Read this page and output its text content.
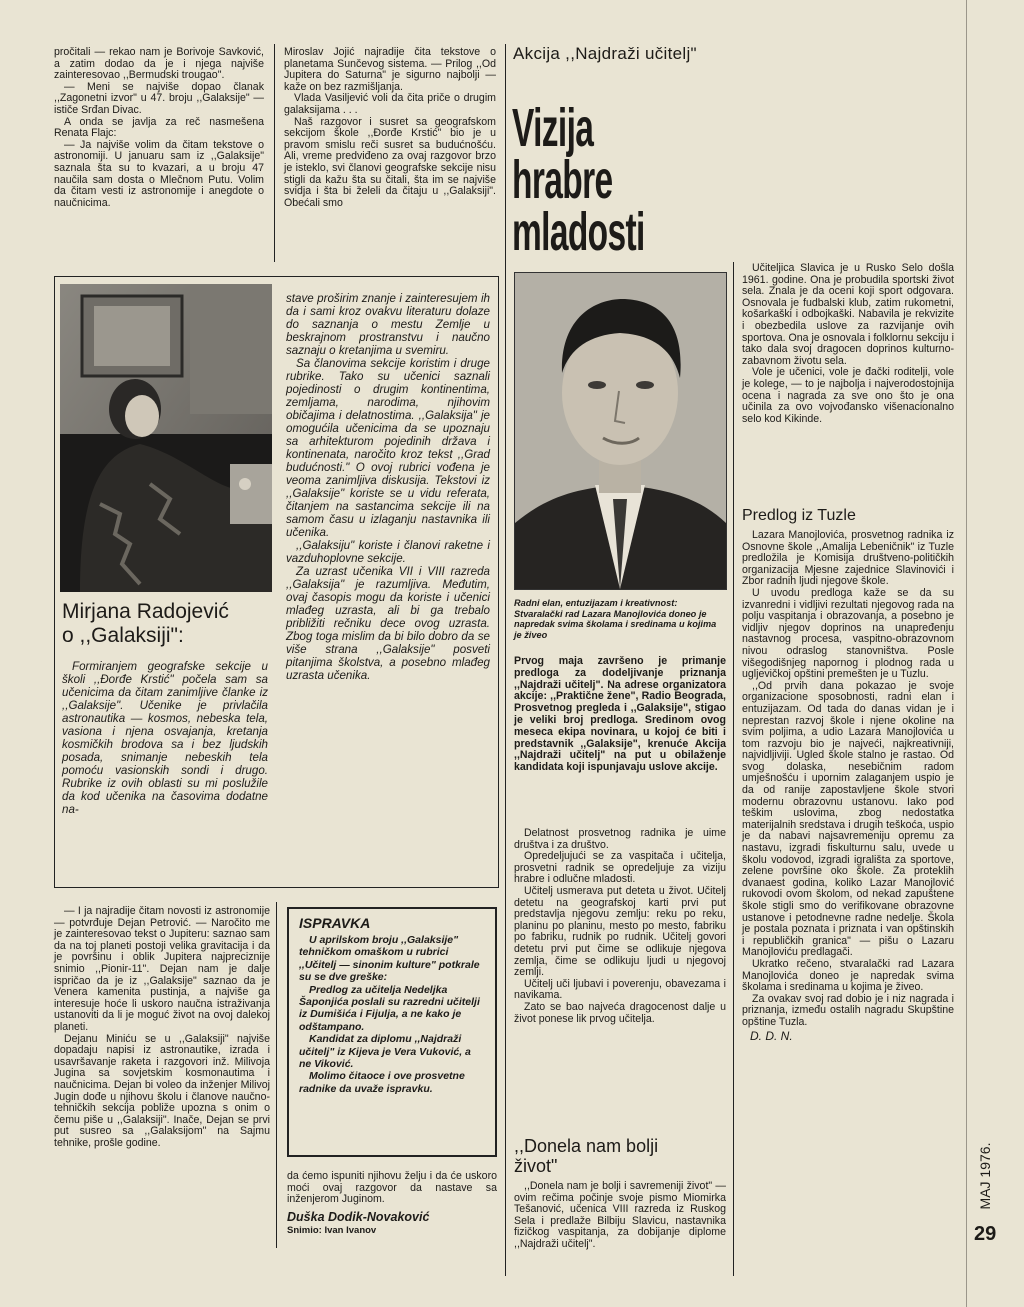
pročitali — rekao nam je Borivoje Savković, a zatim dodao da je i njega najviše zainteresovao ,,Bermudski trougao".

— Meni se najviše dopao članak ,,Zagonetni izvor" u 47. broju ,,Galaksije" — ističe Srđan Divac.

A onda se javlja za reč nasmešena Renata Flajc:

— Ja najviše volim da čitam tekstove o astronomiji. U januaru sam iz ,,Galaksije" saznala šta su to kvazari, a u broju 47 naučila sam dosta o Mlečnom Putu. Volim da čitam vesti iz astronomije i anegdote o naučnicima.

Miroslav Jojić najradije čita tekstove o planetama Sunčevog sistema. — Prilog ,,Od Jupitera do Saturna" je sigurno najbolji — kaže on bez razmišljanja.

Vlada Vasiljević voli da čita priče o drugim galaksijama . . .

Naš razgovor i susret sa geografskom sekcijom škole ,,Đorđe Krstić" bio je u pravom smislu reči susret sa budućnošću. Ali, vreme predviđeno za ovaj razgovor brzo je isteklo, svi članovi geografske sekcije nisu stigli da kažu šta su čitali, šta im se najviše svidja i šta bi želeli da čitaju u ,,Galaksiji". Obećali smo

Mirjana Radojević
o ,,Galaksiji":

Formiranjem geografske sekcije u školi ,,Đorđe Krstić" počela sam sa učenicima da čitam zanimljive članke iz ,,Galaksije". Učenike je privlačila astronautika — kosmos, nebeska tela, vasiona i njena osvajanja, kretanja kosmičkih brodova sa i bez ljudskih posada, snimanje nebeskih tela pomoću vasionskih sondi i drugo. Rubrike iz ovih oblasti su mi poslužile da kod učenika na časovima dodatne na-

stave proširim znanje i zainteresujem ih da i sami kroz ovakvu literaturu dolaze do saznanja o mestu Zemlje u beskrajnom prostranstvu i naučno saznaju o kretanjima u svemiru.

Sa članovima sekcije koristim i druge rubrike. Tako su učenici saznali pojedinosti o drugim kontinentima, zemljama, narodima, njihovim običajima i delatnostima. ,,Galaksija" je omogućila učenicima da se upoznaju sa arhitekturom pojedinih država i kontinenata, naročito kroz tekst ,,Grad budućnosti." O ovoj rubrici vođena je veoma zanimljiva diskusija. Tekstovi iz ,,Galaksije" koriste se u vidu referata, čitanjem na sastancima sekcije ili na samom času u izlaganju nastavnika ili učenika.

,,Galaksiju" koriste i članovi raketne i vazduhoplovne sekcije.

Za uzrast učenika VII i VIII razreda ,,Galaksija" je razumljiva. Međutim, ovaj časopis mogu da koriste i učenici mlađeg uzrasta, ali bi ga trebalo približiti rečniku dece ovog uzrasta. Zbog toga mislim da bi bilo dobro da se više strana ,,Galaksije" posveti pitanjima školstva, a posebno mlađeg uzrasta učenika.

— I ja najradije čitam novosti iz astronomije — potvrđuje Dejan Petrović. — Naročito me je zainteresovao tekst o Jupiteru: saznao sam da na toj planeti postoji velika gravitacija i da je površinu i oblik Jupitera najpreciznije snimio ,,Pionir-11". Dejan nam je dalje ispričao da je iz ,,Galaksije" saznao da je Venera kamenita pustinja, a najviše ga interesuje hoće li uskoro naučna istraživanja ustanoviti da li je moguć život na ovoj dalekoj planeti.

Dejanu Miniću se u ,,Galaksiji" najviše dopadaju napisi iz astronautike, izrada i usavršavanje raketa i razgovori inž. Milivoja Jugina sa sovjetskim kosmonautima i naučnicima. Dejan bi voleo da inženjer Milivoj Jugin dođe u njihovu školu i članove naučno-tehničkih sekcija pobliže upozna s onim o čemu piše u ,,Galaksiji". Inače, Dejan se prvi put susreo sa ,,Galaksijom" na Sajmu tehnike, prošle godine.

ISPRAVKA
U aprilskom broju ,,Galaksije" tehničkom omaškom u rubrici ,,Učitelj — sinonim kulture" potkrale su se dve greške:
Predlog za učitelja Nedeljka Šaponjića poslali su razredni učitelji iz Dumišića i Fijulja, a ne kako je odštampano.
Kandidat za diplomu ,,Najdraži učitelj" iz Kijeva je Vera Vuković, a ne Viković.
Molimo čitaoce i ove prosvetne radnike da uvaže ispravku.

da ćemo ispuniti njihovu želju i da će uskoro moći ovaj razgovor da nastave sa inženjerom Juginom.

Duška Dodik-Novaković
Snimio: Ivan Ivanov
Akcija ,,Najdraži učitelj"
Vizija
hrabre
mladosti
Radni elan, entuzijazam i kreativnost: Stvaralački rad Lazara Manojlovića doneo je napredak svima školama i sredinama u kojima je živeo
Prvog maja završeno je primanje predloga za dodeljivanje priznanja ,,Najdraži učitelj". Na adrese organizatora akcije: ,,Praktične žene", Radio Beograda, Prosvetnog pregleda i ,,Galaksije", stigao je veliki broj predloga. Sredinom ovog meseca ekipa novinara, u kojoj će biti i predstavnik ,,Galaksije", krenuće Akcija ,,Najdraži učitelj" na put u obilaženje kandidata koji ispunjavaju uslove akcije.

Delatnost prosvetnog radnika je uime društva i za društvo.

Opredeljujući se za vaspitača i učitelja, prosvetni radnik se opredeljuje za viziju hrabre i odlučne mladosti.

Učitelj usmerava put deteta u život. Učitelj detetu na geografskoj karti prvi put predstavlja njegovu zemlju: reku po reku, planinu po planinu, mesto po mesto, fabriku po fabriku, rudnik po rudnik. Učitelj govori detetu prvi put čime se odlikuje njegova zemlja, čime se odlikuju ljudi u njegovoj zemlji.

Učitelj uči ljubavi i poverenju, obavezama i navikama.

Zato se bao najveća dragocenost dalje u život ponese lik prvog učitelja.

,,Donela nam bolji
život"

,,Donela nam je bolji i savremeniji život" — ovim rečima počinje svoje pismo Miomirka Tešanović, učenica VIII razreda iz Ruskog Sela i predlaže Bilbiju Slavicu, nastavnika fizičkog vaspitanja, za dobijanje diplome ,,Najdraži učitelj".

Učiteljica Slavica je u Rusko Selo došla 1961. godine. Ona je probudila sportski život sela. Znala je da oceni koji sport odgovara. Osnovala je fudbalski klub, zatim rukometni, košarkaški i odbojkaški. Nabavila je rekvizite i obezbedila uslove za razvijanje ovih sportova. Ona je osnovala i folklornu sekciju i tako dala svoj dragocen doprinos kulturno-zabavnom životu sela.

Vole je učenici, vole je đački roditelji, vole je kolege, — to je najbolja i najverodostojnija ocena i nagrada za sve ono što je ona učinila za ovo vojvođansko višenacionalno selo kod Kikinde.

Predlog iz Tuzle

Lazara Manojlovića, prosvetnog radnika iz Osnovne škole ,,Amalija Lebeničnik" iz Tuzle predložila je Komisija društveno-političkih organizacija Mjesne zajednice Slavinovići i Zbor radnih ljudi njegove škole.

U uvodu predloga kaže se da su izvanredni i vidljivi rezultati njegovog rada na polju vaspitanja i obrazovanja, a posebno je vidljiv njegov doprinos na unapređenju nastavnog procesa, vaspitno-obrazovnom nivou odraslog stanovništva. Posle višegodišnjeg napornog i plodnog rada u ugljevičkoj opštini premešten je u Tuzlu.

,,Od prvih dana pokazao je svoje organizacione sposobnosti, radni elan i entuzijazam. Od tada do danas vidan je i neprestan razvoj škole i njene okoline na svim poljima, a udio Lazara Manojlovića u tom razvoju bio je najveći, najkreativniji, najvidljiviji. Ugled škole stalno je rastao. Od svog dolaska, nesebičnim radom umješnošću i upornim zalaganjem uspio je da od ranije zapostavljene škole stvori modernu obrazovnu ustanovu. Iako pod teškim uslovima, zbog nedostatka materijalnih sredstava i drugih teškoća, uspio je da nabavi najsavremeniju opremu za nastavu, izgradi fiskulturnu salu, uvede u školu vodovod, izgradi igrališta za sportove, zelene površine oko škole. Za proteklih dvanaest godina, koliko Lazar Manojlović rukovodi ovom školom, od nekad zapuštene škole stigli smo do verifikovane obrazovne ustanove i petodnevne radne nedelje. Škola je postala poznata i priznata i van opštinskih i republičkih granica" — pišu o Lazaru Manojloviću predlagači.

Ukratko rečeno, stvaralački rad Lazara Manojlovića doneo je napredak svima školama i sredinama u kojima je živeo.

Za ovakav svoj rad dobio je i niz nagrada i priznanja, između ostalih nagradu Skupštine opštine Tuzla.

D. D. N.
MAJ 1976.
29
